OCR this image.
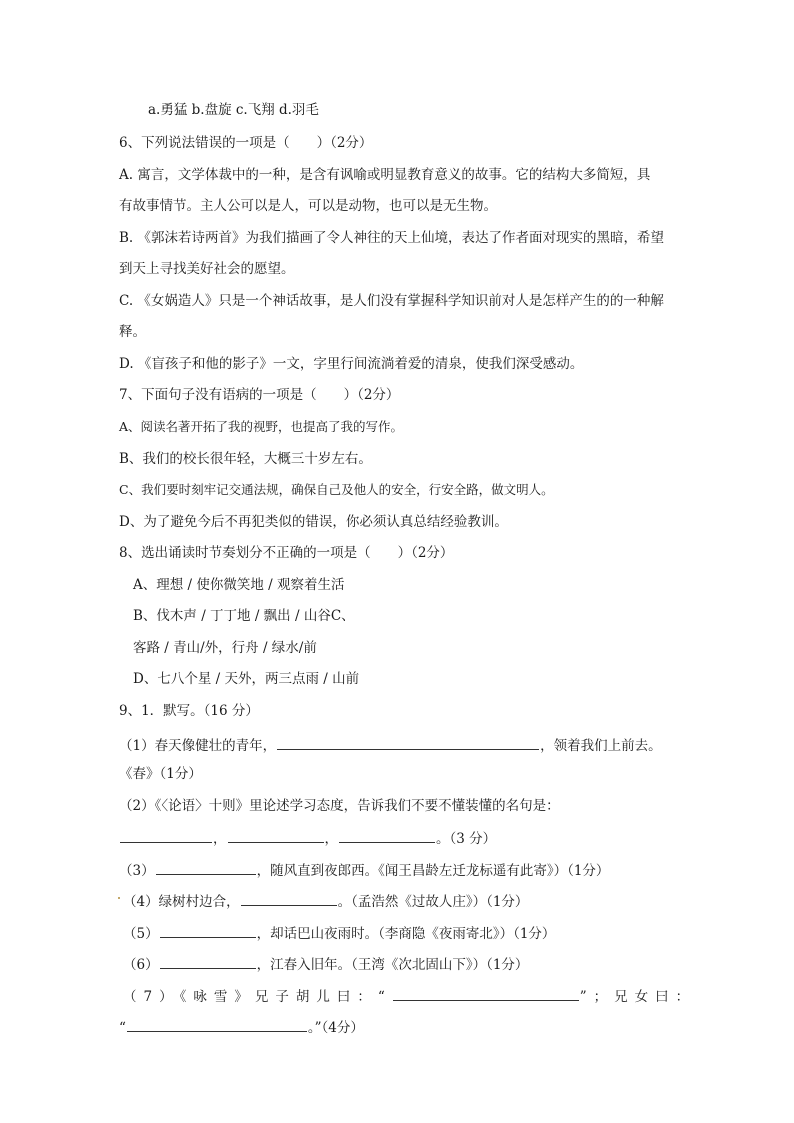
a.勇猛 b.盘旋 c.飞翔 d.羽毛
6、下列说法错误的一项是（　　）（2分）
A. 寓言，文学体裁中的一种，是含有讽喻或明显教育意义的故事。它的结构大多简短，具
有故事情节。主人公可以是人，可以是动物，也可以是无生物。
B. 《郭沫若诗两首》为我们描画了令人神往的天上仙境，表达了作者面对现实的黑暗，希望
到天上寻找美好社会的愿望。
C. 《女娲造人》只是一个神话故事，是人们没有掌握科学知识前对人是怎样产生的的一种解
释。
D. 《盲孩子和他的影子》一文，字里行间流淌着爱的清泉，使我们深受感动。
7、下面句子没有语病的一项是（　　）（2分）
A、阅读名著开拓了我的视野，也提高了我的写作。
B、我们的校长很年轻，大概三十岁左右。
C、我们要时刻牢记交通法规，确保自己及他人的安全，行安全路，做文明人。
D、为了避免今后不再犯类似的错误，你必须认真总结经验教训。
8、选出诵读时节奏划分不正确的一项是（　　）（2分）
A、理想 / 使你微笑地 / 观察着生活
B、伐木声 / 丁丁地 / 飘出 / 山谷C、
客路 / 青山/外，行舟 / 绿水/前
D、七八个星 / 天外，两三点雨 / 山前
9、1．默写。（16 分）
（1）春天像健壮的青年，	，领着我们上前去。
《春》（1分）
（2）《〈论语〉十则》里论述学习态度，告诉我们不要不懂装懂的名句是：
，	，	。（3 分）
（3）	，随风直到夜郎西。《闻王昌龄左迁龙标遥有此寄》）（1分）
（4）绿树村边合，	。（孟浩然《过故人庄》）（1分）
（5）	，却话巴山夜雨时。（李商隐《夜雨寄北》）（1分）
（6）	，江春入旧年。（王湾《次北固山下》）（1分）
（7）《咏雪》兄子胡儿曰：“	”；兄女曰：
“	。”（4分）
